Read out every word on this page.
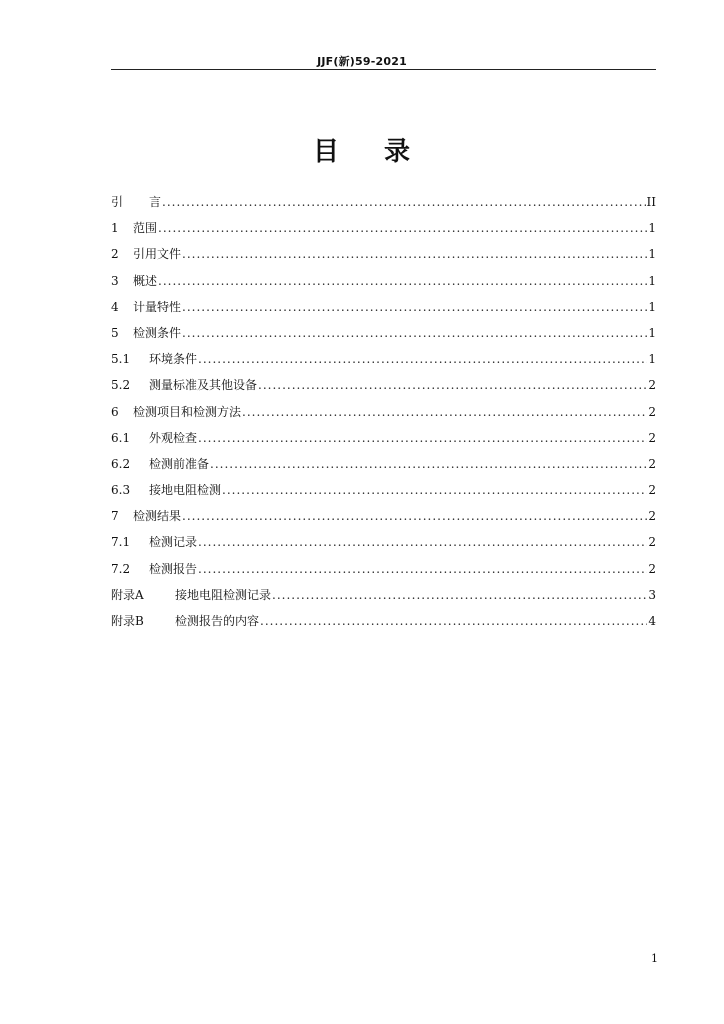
JJF(新)59-2021
目 录
引	言 .....	II
1	范围 .....	1
2	引用文件 .....	1
3	概述 .....	1
4	计量特性 .....	1
5	检测条件 .....	1
5.1	环境条件 .....	1
5.2	测量标准及其他设备 .....	2
6	检测项目和检测方法 .....	2
6.1	外观检查 .....	2
6.2	检测前准备 .....	2
6.3	接地电阻检测 .....	2
7	检测结果 .....	2
7.1	检测记录 .....	2
7.2	检测报告 .....	2
附录A	接地电阻检测记录 .....	3
附录B	检测报告的内容 .....	4
1
